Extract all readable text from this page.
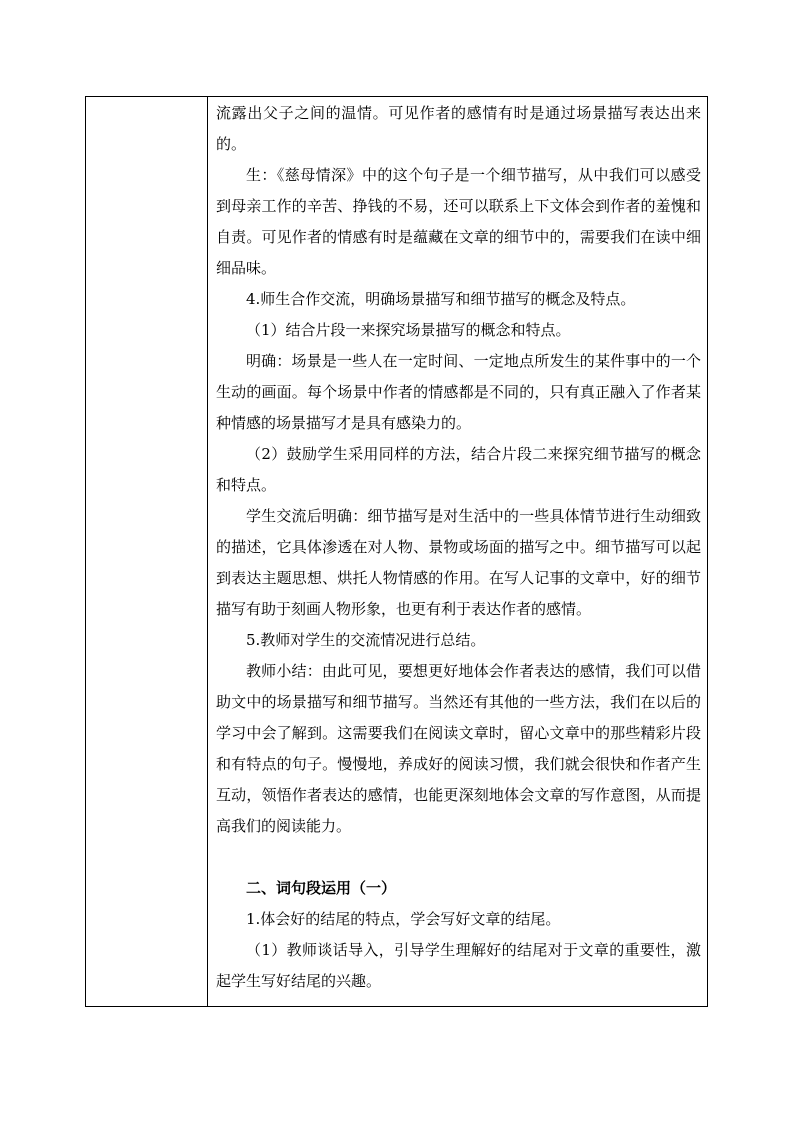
流露出父子之间的温情。可见作者的感情有时是通过场景描写表达出来的。

生：《慈母情深》中的这个句子是一个细节描写，从中我们可以感受到母亲工作的辛苦、挣钱的不易，还可以联系上下文体会到作者的羞愧和自责。可见作者的情感有时是蕴藏在文章的细节中的，需要我们在读中细细品味。

4.师生合作交流，明确场景描写和细节描写的概念及特点。

（1）结合片段一来探究场景描写的概念和特点。

明确：场景是一些人在一定时间、一定地点所发生的某件事中的一个生动的画面。每个场景中作者的情感都是不同的，只有真正融入了作者某种情感的场景描写才是具有感染力的。

（2）鼓励学生采用同样的方法，结合片段二来探究细节描写的概念和特点。

学生交流后明确：细节描写是对生活中的一些具体情节进行生动细致的描述，它具体渗透在对人物、景物或场面的描写之中。细节描写可以起到表达主题思想、烘托人物情感的作用。在写人记事的文章中，好的细节描写有助于刻画人物形象，也更有利于表达作者的感情。

5.教师对学生的交流情况进行总结。

教师小结：由此可见，要想更好地体会作者表达的感情，我们可以借助文中的场景描写和细节描写。当然还有其他的一些方法，我们在以后的学习中会了解到。这需要我们在阅读文章时，留心文章中的那些精彩片段和有特点的句子。慢慢地，养成好的阅读习惯，我们就会很快和作者产生互动，领悟作者表达的感情，也能更深刻地体会文章的写作意图，从而提高我们的阅读能力。

二、词句段运用（一）

1.体会好的结尾的特点，学会写好文章的结尾。

（1）教师谈话导入，引导学生理解好的结尾对于文章的重要性，激起学生写好结尾的兴趣。
